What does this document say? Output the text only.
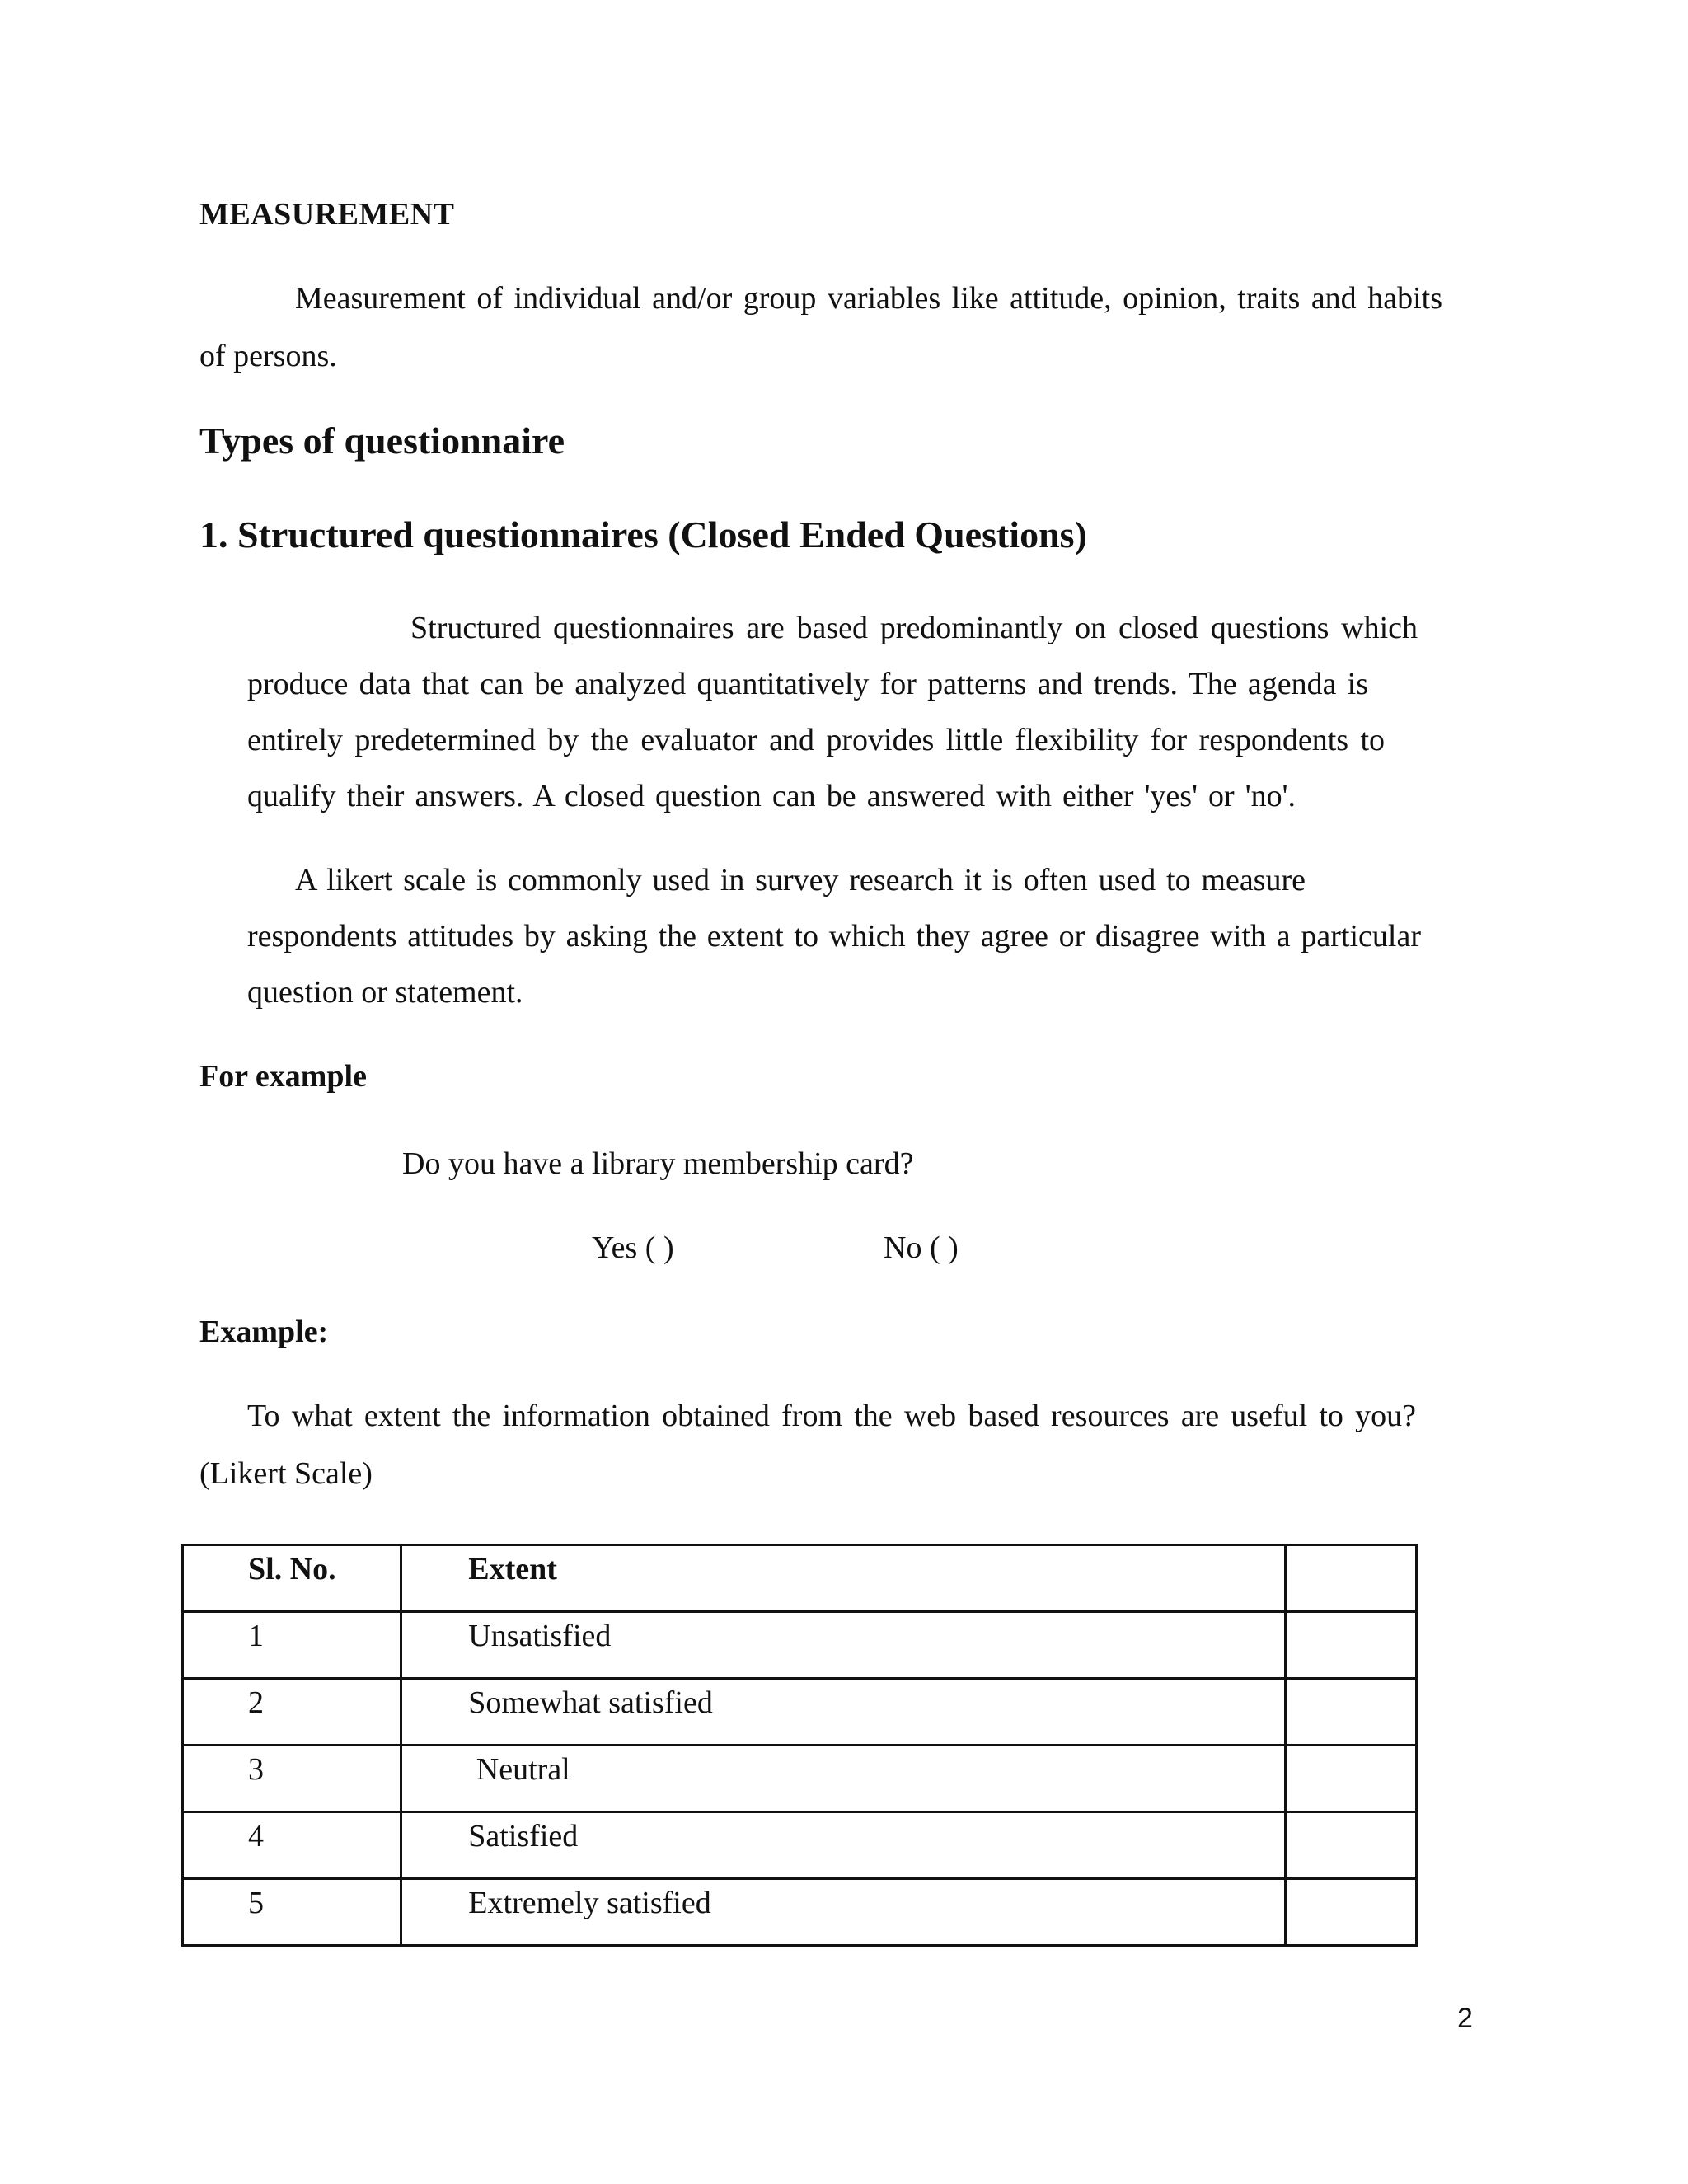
MEASUREMENT
Measurement of individual and/or group variables like attitude, opinion, traits and habits
of persons.
Types of questionnaire
1. Structured questionnaires (Closed Ended Questions)
Structured questionnaires are based predominantly on closed questions which
produce data that can be analyzed quantitatively for patterns and trends. The agenda is
entirely predetermined by the evaluator and provides little flexibility for respondents to
qualify their answers. A closed question can be answered with either 'yes' or 'no'.
A likert scale is commonly used in survey research it is often used to measure
respondents attitudes by asking the extent to which they agree or disagree with a particular
question or statement.
For example
Do you have a library membership card?
Yes ( )	No ( )
Example:
To what extent the information obtained from the web based resources are useful to you?
(Likert Scale)
Sl. No.	Extent	

1	Unsatisfied	

2	Somewhat satisfied	

3	Neutral	

4	Satisfied	

5	Extremely satisfied	

2
